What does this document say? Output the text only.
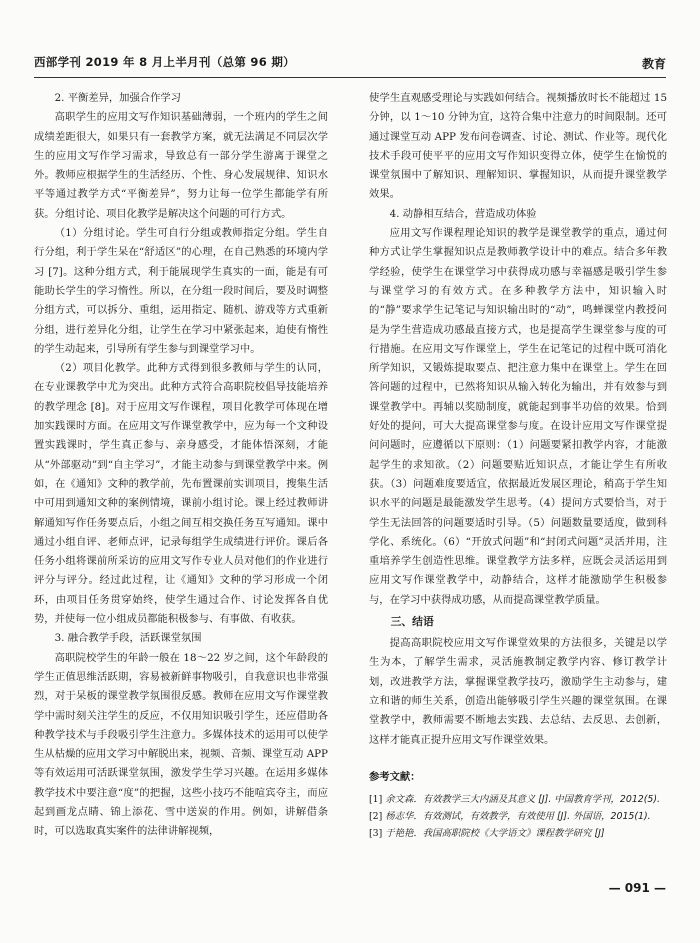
西部学刊 2019 年 8 月上半月刊（总第 96 期）	教育
2. 平衡差异，加强合作学习

高职学生的应用文写作知识基础薄弱，一个班内的学生之间成绩差距很大，如果只有一套教学方案，就无法满足不同层次学生的应用文写作学习需求，导致总有一部分学生游离于课堂之外。教师应根据学生的生活经历、个性、身心发展规律、知识水平等通过教学方式“平衡差异”，努力让每一位学生都能学有所获。分组讨论、项目化教学是解决这个问题的可行方式。

（1）分组讨论。学生可自行分组或教师指定分组。学生自行分组，利于学生呆在“舒适区”的心理，在自己熟悉的环境内学习 [7]。这种分组方式，利于能展现学生真实的一面，能是有可能助长学生的学习惰性。所以，在分组一段时间后，要及时调整分组方式，可以拆分、重组，运用指定、随机、游戏等方式重新分组，进行差异化分组，让学生在学习中紧张起来，迫使有惰性的学生动起来，引导所有学生参与到课堂学习中。

（2）项目化教学。此种方式得到很多教师与学生的认同，在专业课教学中尤为突出。此种方式符合高职院校倡导技能培养的教学理念 [8]。对于应用文写作课程，项目化教学可体现在增加实践课时方面。在应用文写作课堂教学中，应为每一个文种设置实践课时，学生真正参与、亲身感受，才能体悟深刻，才能从“外部驱动”到“自主学习”，才能主动参与到课堂教学中来。例如，在《通知》文种的教学前，先布置课前实训项目，搜集生活中可用到通知文种的案例情境，课前小组讨论。课上经过教师讲解通知写作任务要点后，小组之间互相交换任务互写通知。课中通过小组自评、老师点评，记录每组学生成绩进行评价。课后各任务小组将课前所采访的应用文写作专业人员对他们的作业进行评分与评分。经过此过程，让《通知》文种的学习形成一个闭环，由项目任务贯穿始终，使学生通过合作、讨论发挥各自优势，并使每一位小组成员都能积极参与、有事做、有收获。

3. 融合教学手段，活跃课堂氛围

高职院校学生的年龄一般在 18～22 岁之间，这个年龄段的学生正值思维活跃期，容易被新鲜事物吸引，自我意识也非常强烈，对于呆板的课堂教学氛围很反感。教师在应用文写作课堂教学中需时刻关注学生的反应，不仅用知识吸引学生，还应借助各种教学技术与手段吸引学生注意力。多媒体技术的运用可以使学生从枯燥的应用文学习中解脱出来，视频、音频、课堂互动 APP 等有效运用可活跃课堂氛围，激发学生学习兴趣。在运用多媒体教学技术中要注意“度”的把握，这些小技巧不能喧宾夺主，而应起到画龙点睛、锦上添花、雪中送炭的作用。例如，讲解借条时，可以选取真实案件的法律讲解视频，

使学生直观感受理论与实践如何结合。视频播放时长不能超过 15 分钟，以 1～10 分钟为宜，这符合集中注意力的时间限制。还可通过课堂互动 APP 发布问卷调查、讨论、测试、作业等。现代化技术手段可使平平的应用文写作知识变得立体，使学生在愉悦的课堂氛围中了解知识、理解知识、掌握知识，从而提升课堂教学效果。

4. 动静相互结合，营造成功体验

应用文写作课程理论知识的教学是课堂教学的重点，通过何种方式让学生掌握知识点是教师教学设计中的难点。结合多年教学经验，使学生在课堂学习中获得成功感与幸福感是吸引学生参与课堂学习的有效方式。在多种教学方法中，知识输入时的“静”要求学生记笔记与知识输出时的“动”，鸣蝉课堂内教授问是为学生营造成功感最直接方式，也是提高学生课堂参与度的可行措施。在应用文写作课堂上，学生在记笔记的过程中既可消化所学知识，又锻炼提取要点、把注意力集中在课堂上。学生在回答问题的过程中，已然将知识从输入转化为输出，并有效参与到课堂教学中。再辅以奖励制度，就能起到事半功倍的效果。恰到好处的提问，可大大提高课堂参与度。在设计应用文写作课堂提问问题时，应遵循以下原则：（1）问题要紧扣教学内容，才能激起学生的求知欲。（2）问题要贴近知识点，才能让学生有所收获。（3）问题难度要适宜，依据最近发展区理论，稍高于学生知识水平的问题是最能激发学生思考。（4）提问方式要恰当，对于学生无法回答的问题要适时引导。（5）问题数量要适度，做到科学化、系统化。（6）“开放式问题”和“封闭式问题”灵活并用，注重培养学生创造性思维。课堂教学方法多样，应既会灵活运用到应用文写作课堂教学中，动静结合，这样才能激励学生积极参与，在学习中获得成功感，从而提高课堂教学质量。

三、结语

提高高职院校应用文写作课堂效果的方法很多，关键是以学生为本，了解学生需求，灵活施教制定教学内容、修订教学计划，改进教学方法，掌握课堂教学技巧，激励学生主动参与，建立和谐的师生关系，创造出能够吸引学生兴趣的课堂氛围。在课堂教学中，教师需要不断地去实践、去总结、去反思、去创新，这样才能真正提升应用文写作课堂效果。

参考文献：

[1] 余文森．有效教学三大内涵及其意义 [J]. 中国教育学刊，2012(5).

[2] 杨志华．有效测试，有效教学，有效使用 [J]. 外国语，2015(1).

[3] 于艳艳．我国高职院校《大学语文》课程教学研究 [J]

— 091 —
